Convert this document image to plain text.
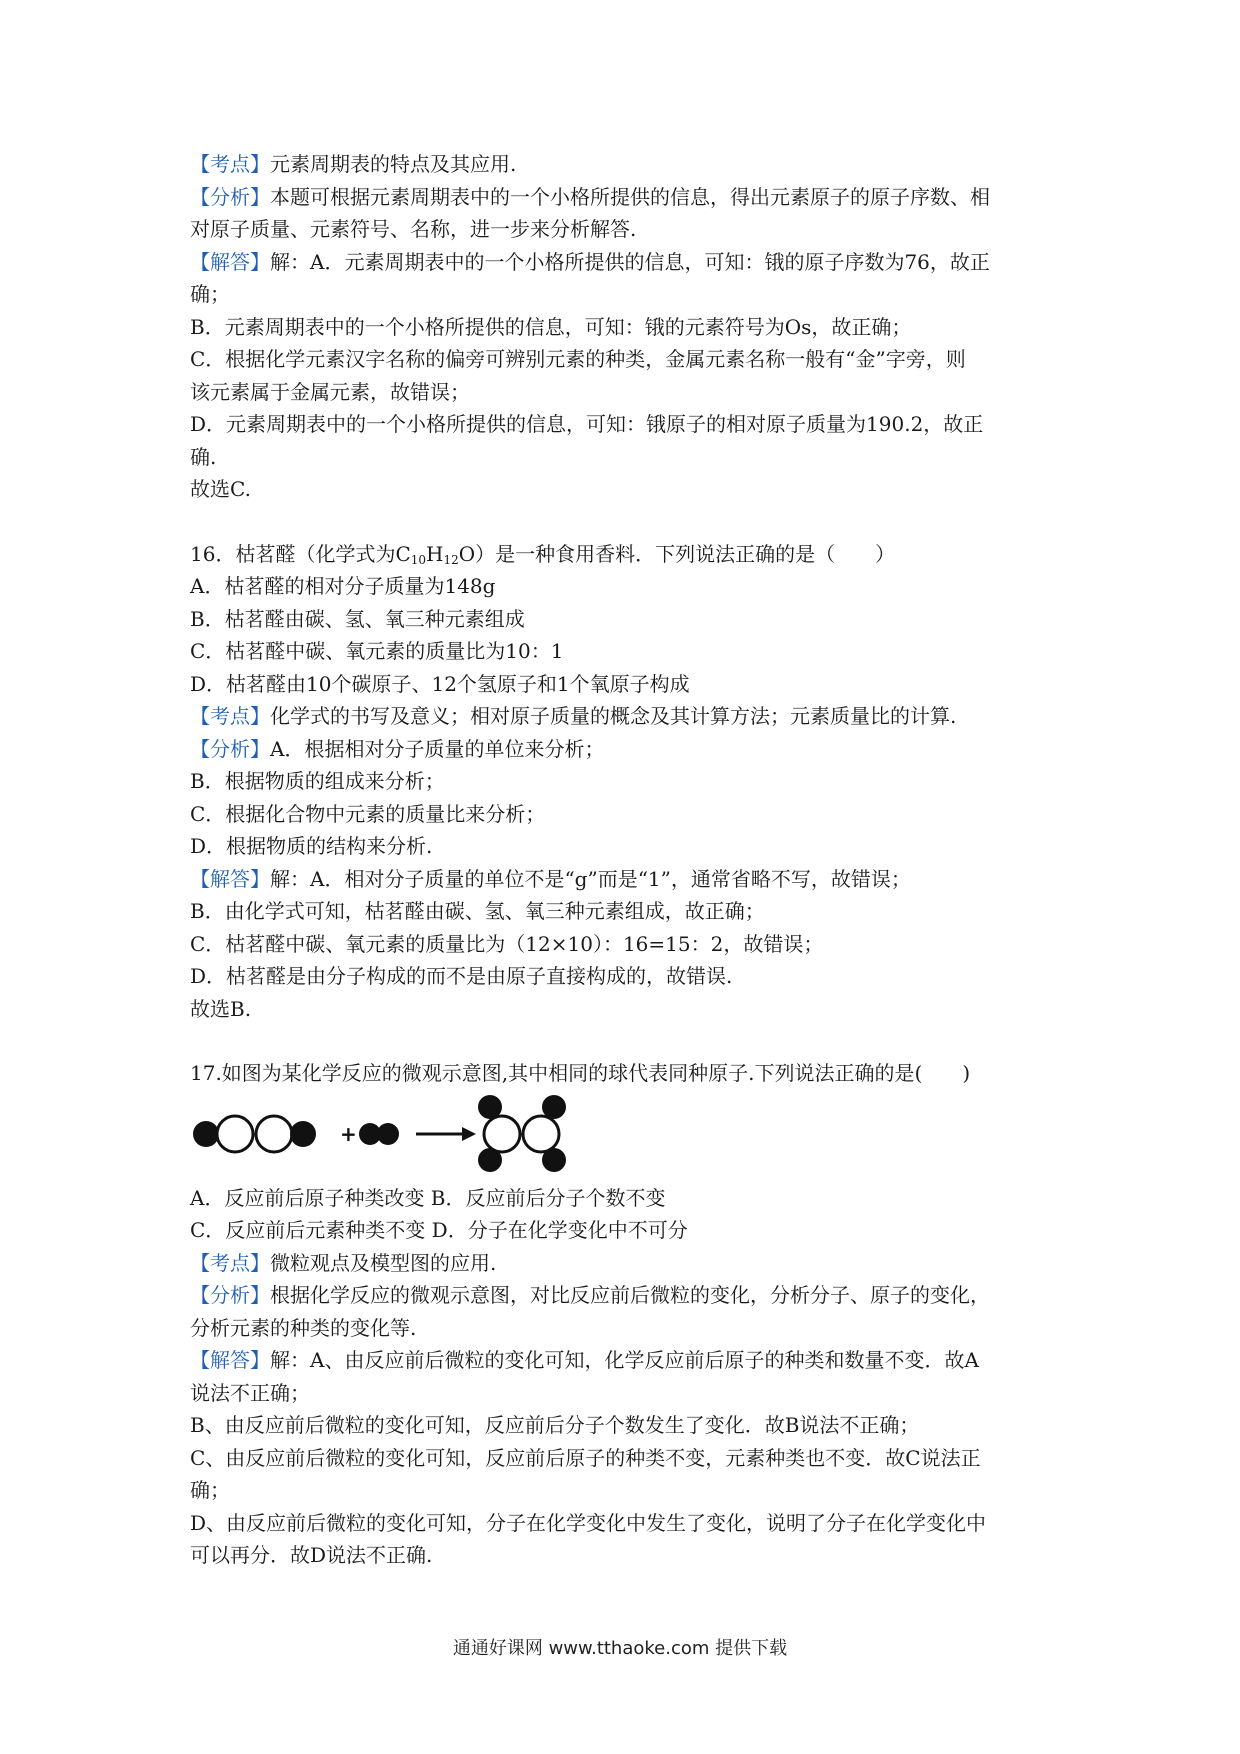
【考点】元素周期表的特点及其应用.
【分析】本题可根据元素周期表中的一个小格所提供的信息，得出元素原子的原子序数、相
对原子质量、元素符号、名称，进一步来分析解答.
【解答】解：A．元素周期表中的一个小格所提供的信息，可知：锇的原子序数为76，故正
确；
B．元素周期表中的一个小格所提供的信息，可知：锇的元素符号为Os，故正确；
C．根据化学元素汉字名称的偏旁可辨别元素的种类，金属元素名称一般有“金”字旁，则
该元素属于金属元素，故错误；
D．元素周期表中的一个小格所提供的信息，可知：锇原子的相对原子质量为190.2，故正
确.
故选C.
16．枯茗醛（化学式为$C_{10}H_{12}O$）是一种食用香料．下列说法正确的是（　　）
A．枯茗醛的相对分子质量为148g
B．枯茗醛由碳、氢、氧三种元素组成
C．枯茗醛中碳、氧元素的质量比为10：1
D．枯茗醛由10个碳原子、12个氢原子和1个氧原子构成
【考点】化学式的书写及意义；相对原子质量的概念及其计算方法；元素质量比的计算.
【分析】A．根据相对分子质量的单位来分析；
B．根据物质的组成来分析；
C．根据化合物中元素的质量比来分析；
D．根据物质的结构来分析.
【解答】解：A．相对分子质量的单位不是“g”而是“1”，通常省略不写，故错误；
B．由化学式可知，枯茗醛由碳、氢、氧三种元素组成，故正确；
C．枯茗醛中碳、氧元素的质量比为（12×10）：16=15：2，故错误；
D．枯茗醛是由分子构成的而不是由原子直接构成的，故错误.
故选B.
17.如图为某化学反应的微观示意图,其中相同的球代表同种原子.下列说法正确的是(　　)
+
A．反应前后原子种类改变 B．反应前后分子个数不变
C．反应前后元素种类不变 D．分子在化学变化中不可分
【考点】微粒观点及模型图的应用.
【分析】根据化学反应的微观示意图，对比反应前后微粒的变化，分析分子、原子的变化，
分析元素的种类的变化等.
【解答】解：A、由反应前后微粒的变化可知，化学反应前后原子的种类和数量不变．故A
说法不正确；
B、由反应前后微粒的变化可知，反应前后分子个数发生了变化．故B说法不正确；
C、由反应前后微粒的变化可知，反应前后原子的种类不变，元素种类也不变．故C说法正
确；
D、由反应前后微粒的变化可知，分子在化学变化中发生了变化，说明了分子在化学变化中
可以再分．故D说法不正确.
通通好课网 www.tthaoke.com 提供下载
